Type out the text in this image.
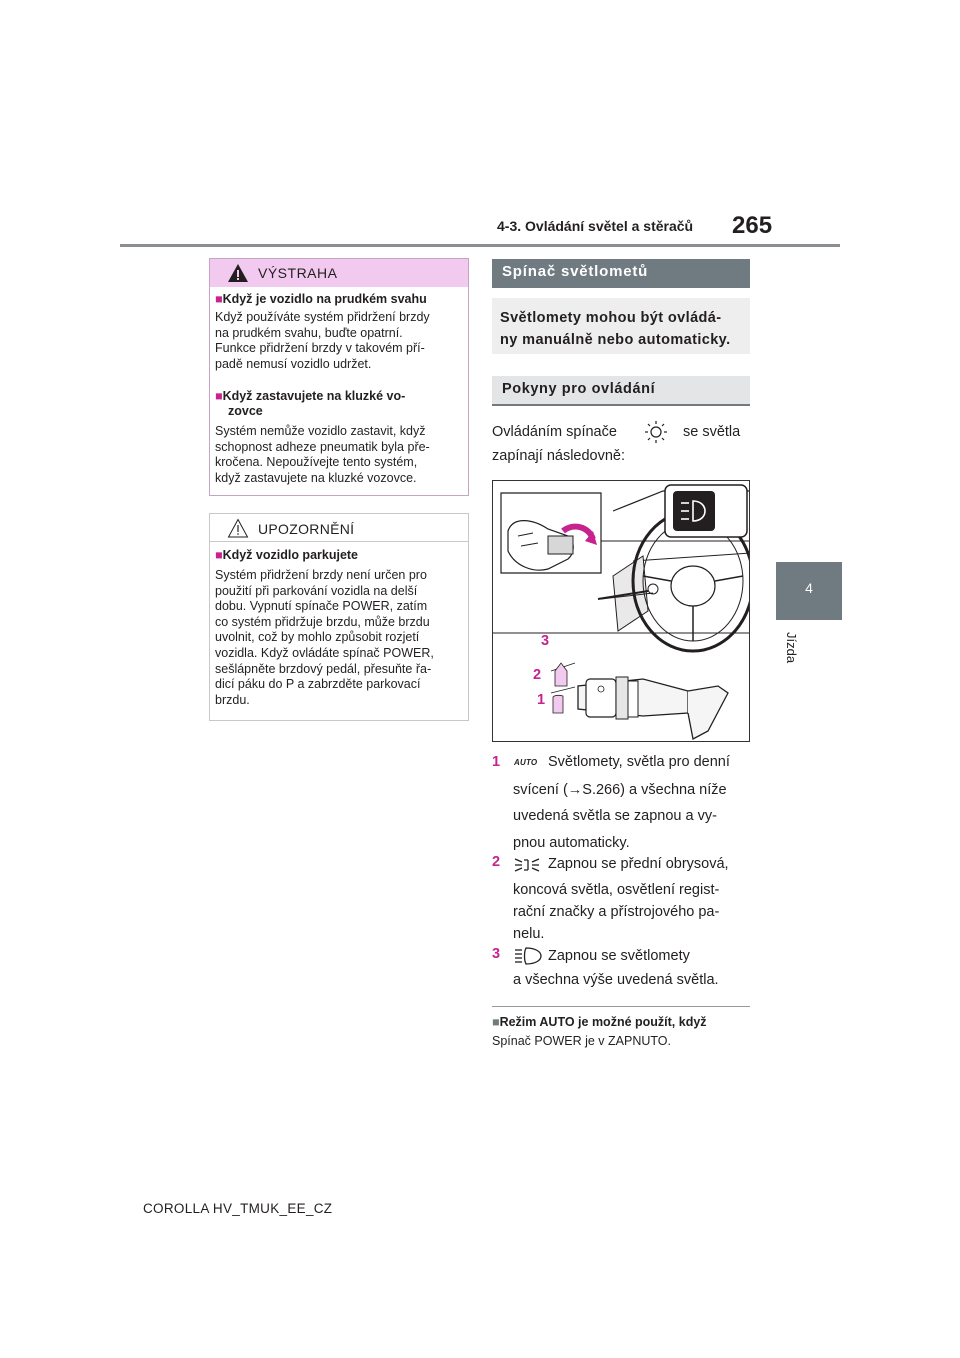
4-3. Ovládání světel a stěračů 265
4
Jízda
VÝSTRAHA
■Když je vozidlo na prudkém svahu
Když používáte systém přidržení brzdy
na prudkém svahu, buďte opatrní.
Funkce přidržení brzdy v takovém pří-
padě nemusí vozidlo udržet.
■Když zastavujete na kluzké vo-
zovce
Systém nemůže vozidlo zastavit, když
schopnost adheze pneumatik byla pře-
kročena. Nepoužívejte tento systém,
když zastavujete na kluzké vozovce.
UPOZORNĚNÍ
■Když vozidlo parkujete
Systém přidržení brzdy není určen pro
použití při parkování vozidla na delší
dobu. Vypnutí spínače POWER, zatím
co systém přidržuje brzdu, může brzdu
uvolnit, což by mohlo způsobit rozjetí
vozidla. Když ovládáte spínač POWER,
sešlápněte brzdový pedál, přesuňte řa-
dicí páku do P a zabrzděte parkovací
brzdu.
Spínač světlometů
Světlomety mohou být ovládá-
ny manuálně nebo automaticky.
Pokyny pro ovládání
Ovládáním spínače	se světla
zapínají následovně:
3
2
1
1 AUTO Světlomety, světla pro denní
svícení (→S.266) a všechna níže
uvedená světla se zapnou a vy-
pnou automaticky.
2	Zapnou se přední obrysová,
koncová světla, osvětlení regist-
rační značky a přístrojového pa-
nelu.
3	Zapnou se světlomety
a všechna výše uvedená světla.
■Režim AUTO je možné použít, když
Spínač POWER je v ZAPNUTO.
COROLLA HV_TMUK_EE_CZ
